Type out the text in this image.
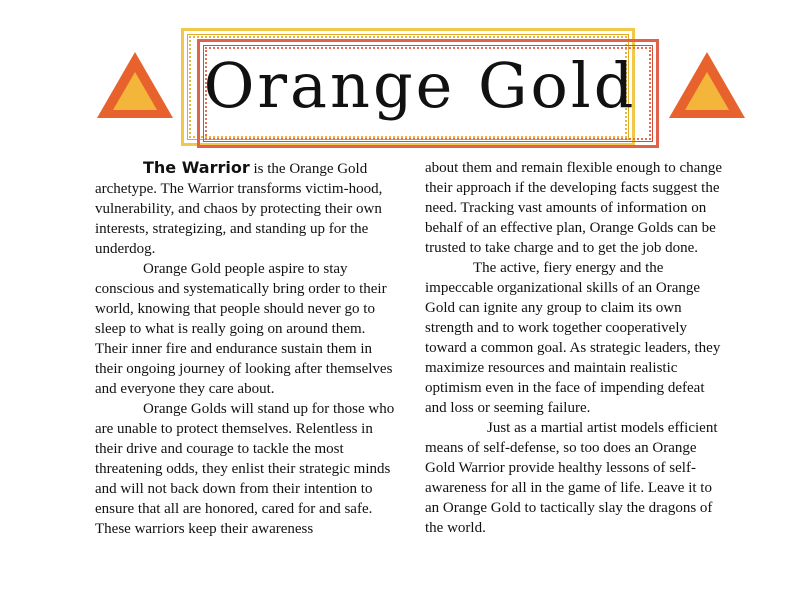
Orange Gold

The Warrior is the Orange Gold archetype. The Warrior transforms victim-hood, vulnerability, and chaos by protecting their own interests, strategizing, and standing up for the underdog.

Orange Gold people aspire to stay conscious and systematically bring order to their world, knowing that people should never go to sleep to what is really going on around them. Their inner fire and endurance sustain them in their ongoing journey of looking after themselves and everyone they care about.

Orange Golds will stand up for those who are unable to protect themselves. Relentless in their drive and courage to tackle the most threatening odds, they enlist their strategic minds and will not back down from their intention to ensure that all are honored, cared for and safe. These warriors keep their awareness

about them and remain flexible enough to change their approach if the developing facts suggest the need. Tracking vast amounts of information on behalf of an effective plan, Orange Golds can be trusted to take charge and to get the job done.

The active, fiery energy and the impeccable organizational skills of an Orange Gold can ignite any group to claim its own strength and to work together cooperatively toward a common goal. As strategic leaders, they maximize resources and maintain realistic optimism even in the face of impending defeat and loss or seeming failure.

Just as a martial artist models efficient means of self-defense, so too does an Orange Gold Warrior provide healthy lessons of self-awareness for all in the game of life. Leave it to an Orange Gold to tactically slay the dragons of the world.
